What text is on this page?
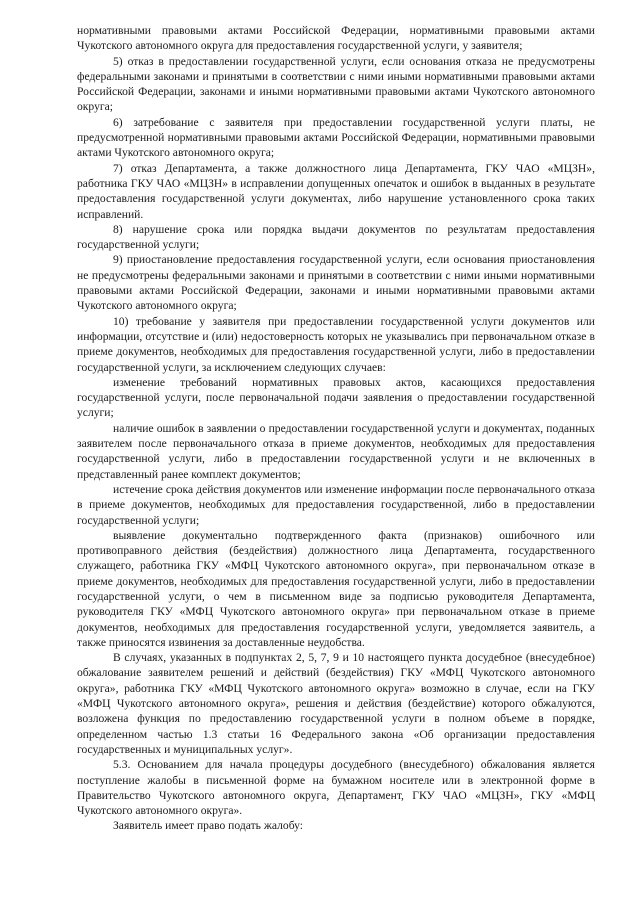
нормативными правовыми актами Российской Федерации, нормативными правовыми актами Чукотского автономного округа для предоставления государственной услуги, у заявителя;

5) отказ в предоставлении государственной услуги, если основания отказа не предусмотрены федеральными законами и принятыми в соответствии с ними иными нормативными правовыми актами Российской Федерации, законами и иными нормативными правовыми актами Чукотского автономного округа;

6) затребование с заявителя при предоставлении государственной услуги платы, не предусмотренной нормативными правовыми актами Российской Федерации, нормативными правовыми актами Чукотского автономного округа;

7) отказ Департамента, а также должностного лица Департамента, ГКУ ЧАО «МЦЗН», работника ГКУ ЧАО «МЦЗН» в исправлении допущенных опечаток и ошибок в выданных в результате предоставления государственной услуги документах, либо нарушение установленного срока таких исправлений.

8) нарушение срока или порядка выдачи документов по результатам предоставления государственной услуги;

9) приостановление предоставления государственной услуги, если основания приостановления не предусмотрены федеральными законами и принятыми в соответствии с ними иными нормативными правовыми актами Российской Федерации, законами и иными нормативными правовыми актами Чукотского автономного округа;

10) требование у заявителя при предоставлении государственной услуги документов или информации, отсутствие и (или) недостоверность которых не указывались при первоначальном отказе в приеме документов, необходимых для предоставления государственной услуги, либо в предоставлении государственной услуги, за исключением следующих случаев:

изменение требований нормативных правовых актов, касающихся предоставления государственной услуги, после первоначальной подачи заявления о предоставлении государственной услуги;

наличие ошибок в заявлении о предоставлении государственной услуги и документах, поданных заявителем после первоначального отказа в приеме документов, необходимых для предоставления государственной услуги, либо в предоставлении государственной услуги и не включенных в представленный ранее комплект документов;

истечение срока действия документов или изменение информации после первоначального отказа в приеме документов, необходимых для предоставления государственной, либо в предоставлении государственной услуги;

выявление документально подтвержденного факта (признаков) ошибочного или противоправного действия (бездействия) должностного лица Департамента, государственного служащего, работника ГКУ «МФЦ Чукотского автономного округа», при первоначальном отказе в приеме документов, необходимых для предоставления государственной услуги, либо в предоставлении государственной услуги, о чем в письменном виде за подписью руководителя Департамента, руководителя ГКУ «МФЦ Чукотского автономного округа» при первоначальном отказе в приеме документов, необходимых для предоставления государственной услуги, уведомляется заявитель, а также приносятся извинения за доставленные неудобства.

В случаях, указанных в подпунктах 2, 5, 7, 9 и 10 настоящего пункта досудебное (внесудебное) обжалование заявителем решений и действий (бездействия) ГКУ «МФЦ Чукотского автономного округа», работника ГКУ «МФЦ Чукотского автономного округа» возможно в случае, если на ГКУ «МФЦ Чукотского автономного округа», решения и действия (бездействие) которого обжалуются, возложена функция по предоставлению государственной услуги в полном объеме в порядке, определенном частью 1.3 статьи 16 Федерального закона «Об организации предоставления государственных и муниципальных услуг».

5.3. Основанием для начала процедуры досудебного (внесудебного) обжалования является поступление жалобы в письменной форме на бумажном носителе или в электронной форме в Правительство Чукотского автономного округа, Департамент, ГКУ ЧАО «МЦЗН», ГКУ «МФЦ Чукотского автономного округа».

Заявитель имеет право подать жалобу:
